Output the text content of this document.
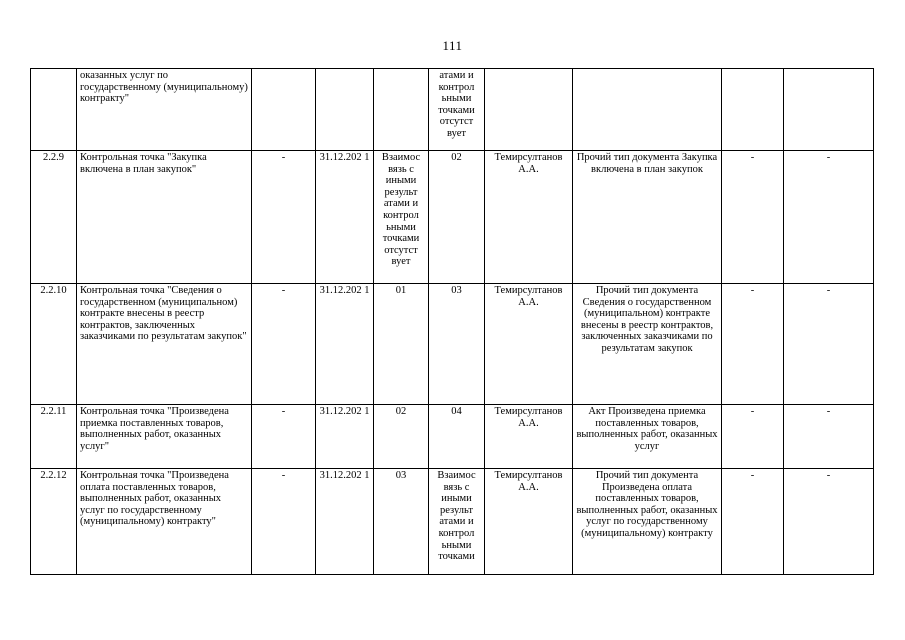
111
	оказанных услуг по государственному (муниципальному) контракту"				атами и контрол ьными точками отсутст вует				
2.2.9	Контрольная точка "Закупка включена в план закупок"	-	31.12.202 1	Взаимос вязь с иными результ атами и контрол ьными точками отсутст вует	02	Темирсултанов А.А.	Прочий тип документа Закупка включена в план закупок	-	-
2.2.10	Контрольная точка "Сведения о государственном (муниципальном) контракте внесены в реестр контрактов, заключенных заказчиками по результатам закупок"	-	31.12.202 1	01	03	Темирсултанов А.А.	Прочий тип документа Сведения о государственном (муниципальном) контракте внесены в реестр контрактов, заключенных заказчиками по результатам закупок	-	-
2.2.11	Контрольная точка "Произведена приемка поставленных товаров, выполненных работ, оказанных услуг"	-	31.12.202 1	02	04	Темирсултанов А.А.	Акт Произведена приемка поставленных товаров, выполненных работ, оказанных услуг	-	-
2.2.12	Контрольная точка "Произведена оплата поставленных товаров, выполненных работ, оказанных услуг по государственному (муниципальному) контракту"	-	31.12.202 1	03	Взаимос вязь с иными результ атами и контрол ьными точками	Темирсултанов А.А.	Прочий тип документа Произведена оплата поставленных товаров, выполненных работ, оказанных услуг по государственному (муниципальному) контракту	-	-
